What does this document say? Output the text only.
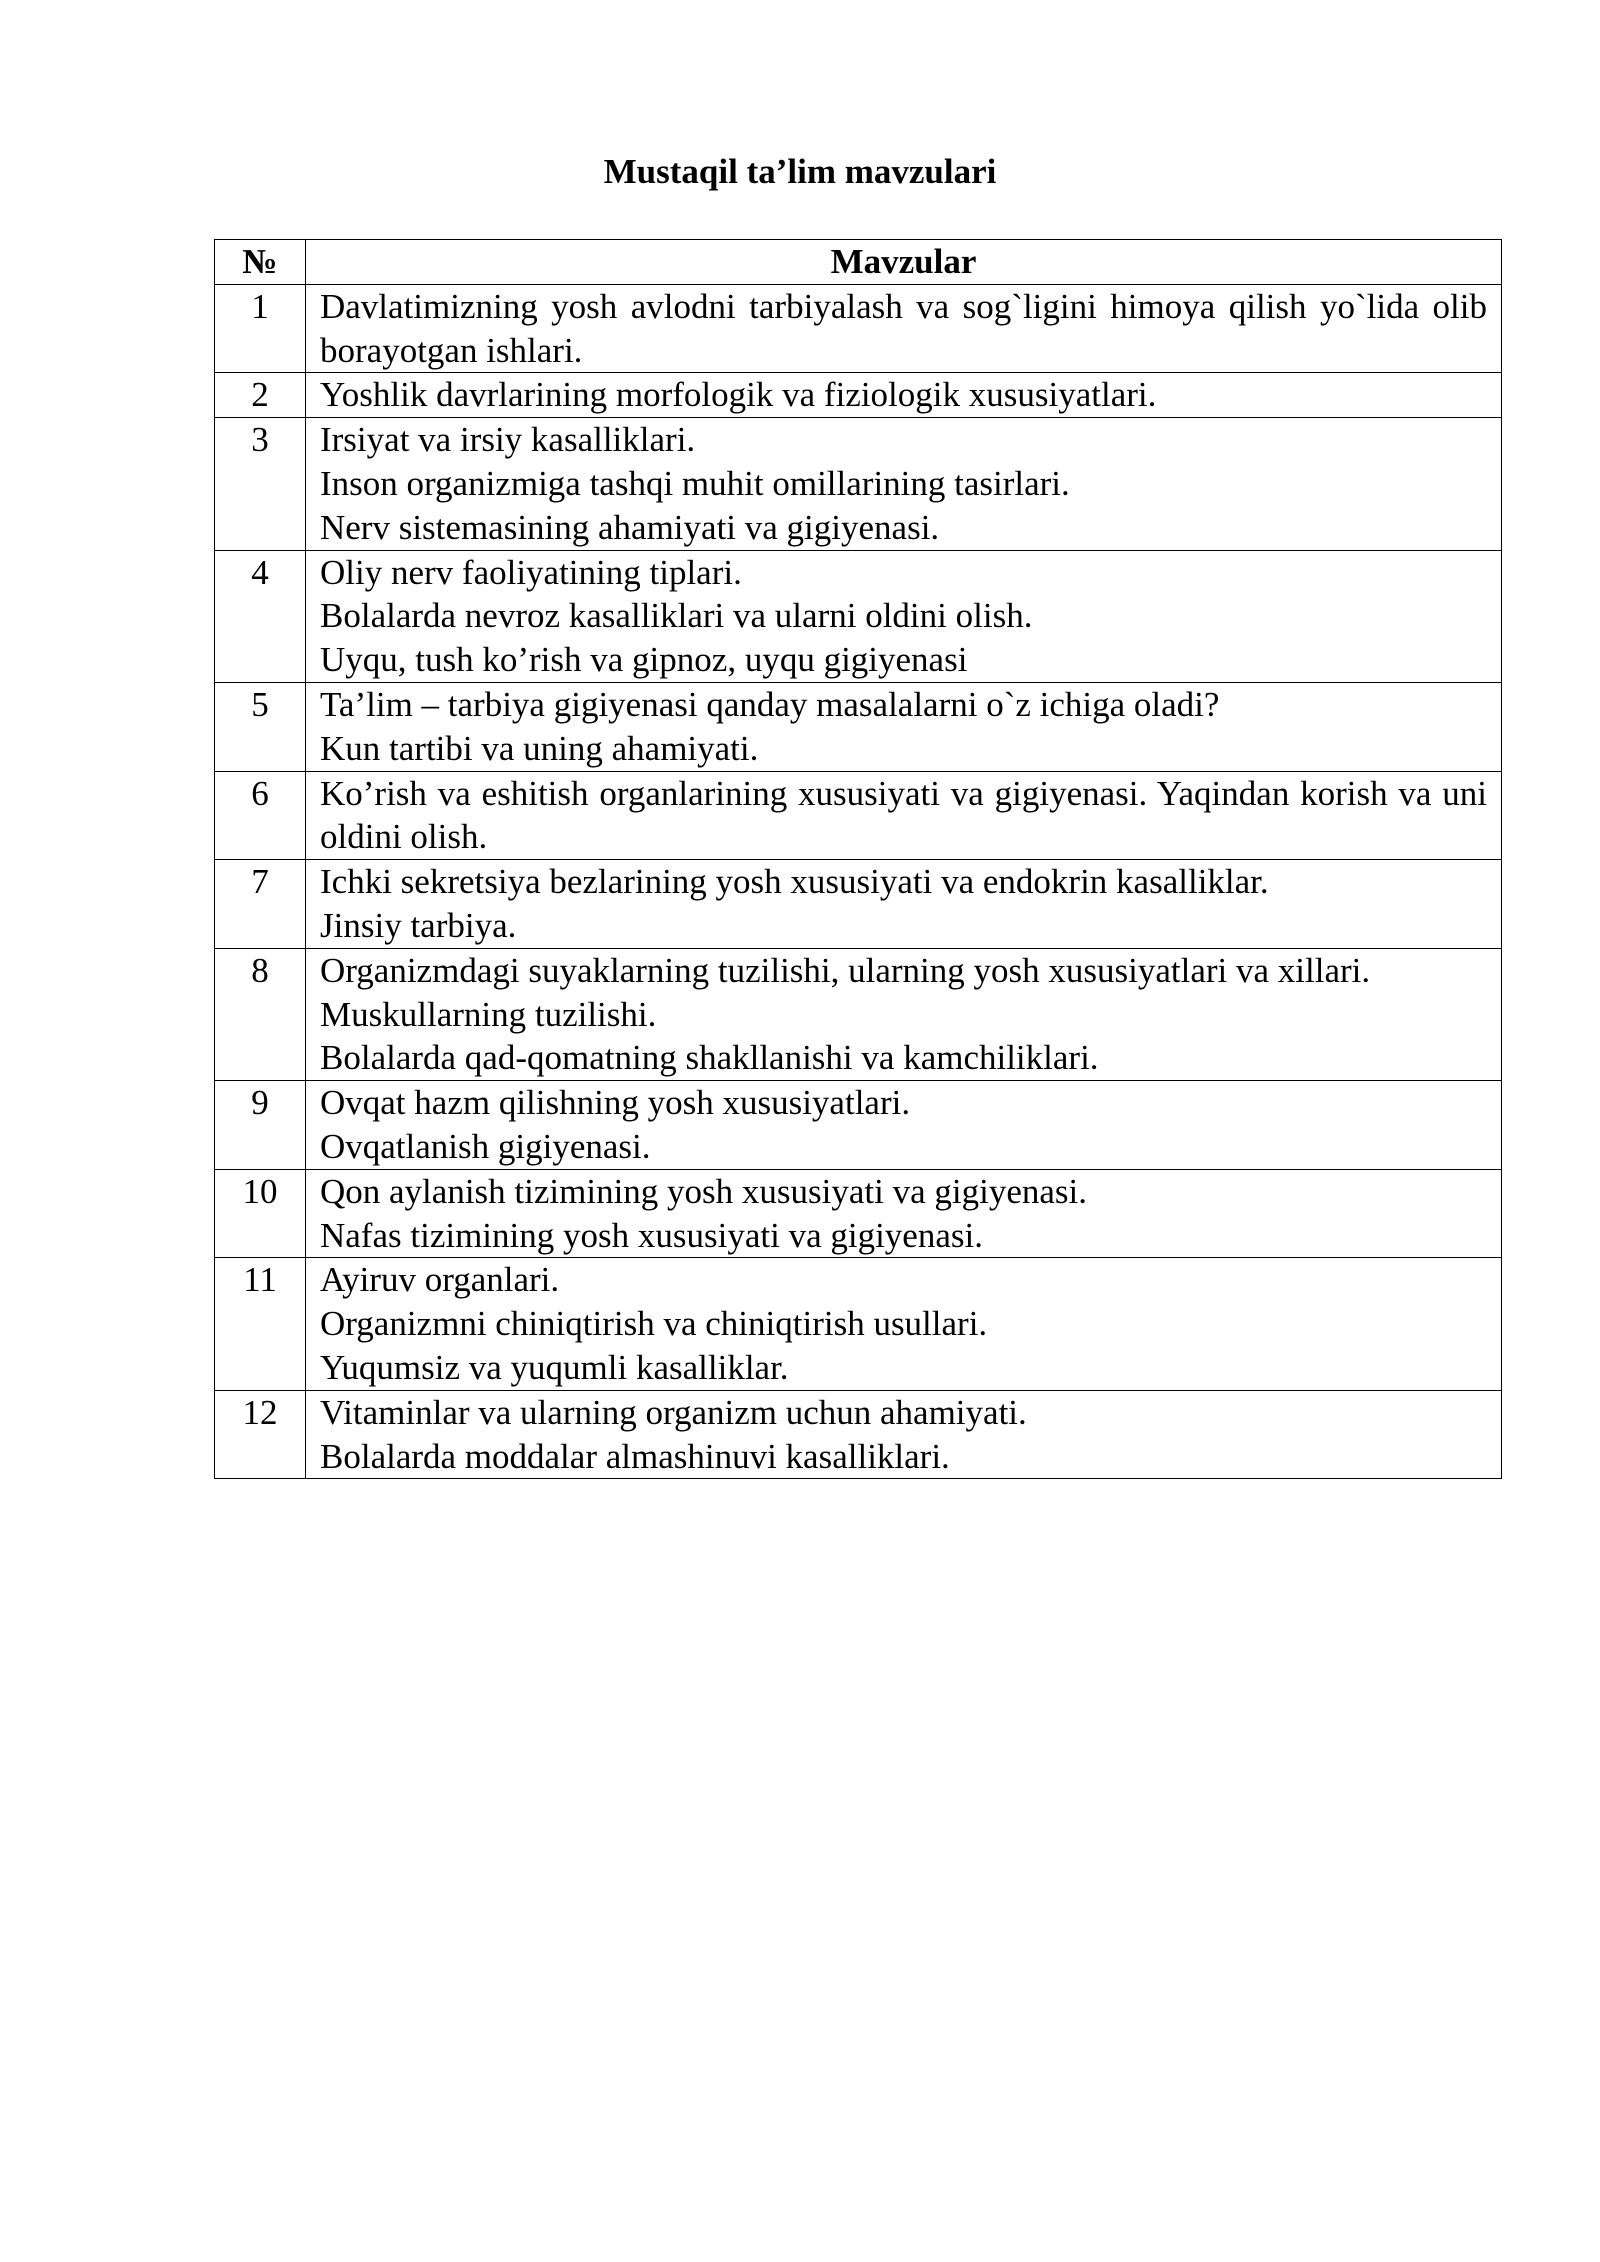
Mustaqil ta’lim mavzulari
№	Mavzular
1	Davlatimizning yosh avlodni tarbiyalash va sog`ligini himoya qilish yo`lida olib borayotgan ishlari.

2	Yoshlik davrlarining morfologik va fiziologik xususiyatlari.

3	Irsiyat va irsiy kasalliklari.
Inson organizmiga tashqi muhit omillarining tasirlari.
Nerv sistemasining ahamiyati va gigiyenasi.

4	Oliy nerv faoliyatining tiplari.
Bolalarda nevroz kasalliklari va ularni oldini olish.
Uyqu, tush ko’rish va gipnoz, uyqu gigiyenasi

5	Ta’lim – tarbiya gigiyenasi qanday masalalarni o`z ichiga oladi?
Kun tartibi va uning ahamiyati.

6	Ko’rish va eshitish organlarining xususiyati va gigiyenasi. Yaqindan korish va uni oldini olish.

7	Ichki sekretsiya bezlarining yosh xususiyati va endokrin kasalliklar.
Jinsiy tarbiya.

8	Organizmdagi suyaklarning tuzilishi, ularning yosh xususiyatlari va xillari.
Muskullarning tuzilishi.
Bolalarda qad-qomatning shakllanishi va kamchiliklari.

9	Ovqat hazm qilishning yosh xususiyatlari.
Ovqatlanish gigiyenasi.

10	Qon aylanish tizimining yosh xususiyati va gigiyenasi.
Nafas tizimining yosh xususiyati va gigiyenasi.

11	Ayiruv organlari.
Organizmni chiniqtirish va chiniqtirish usullari.
Yuqumsiz va yuqumli kasalliklar.

12	Vitaminlar va ularning organizm uchun ahamiyati.
Bolalarda moddalar almashinuvi kasalliklari.
